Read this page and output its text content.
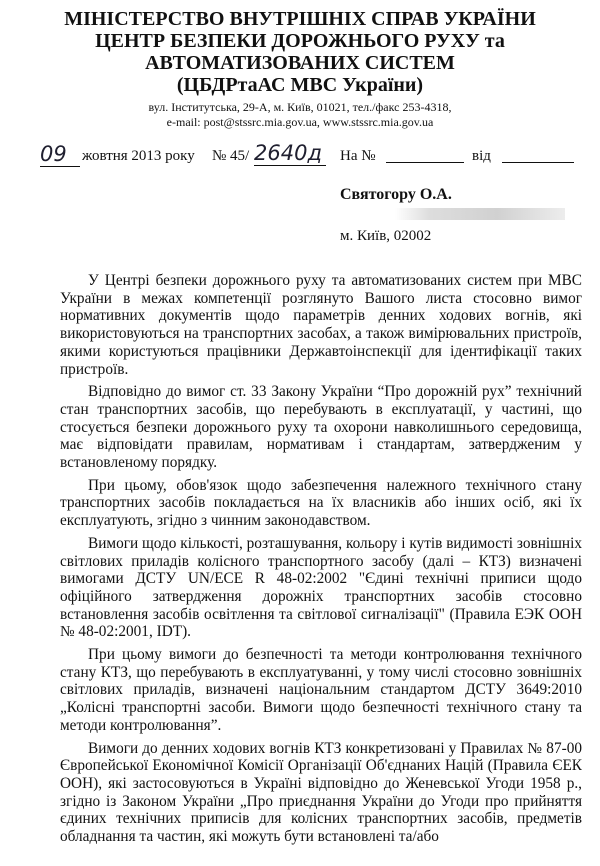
МІНІСТЕРСТВО ВНУТРІШНІХ СПРАВ УКРАЇНИ
ЦЕНТР БЕЗПЕКИ ДОРОЖНЬОГО РУХУ та
АВТОМАТИЗОВАНИХ СИСТЕМ
(ЦБДРтаАС МВС України)
вул. Інститутська, 29-А, м. Київ, 01021, тел./факс 253-4318,
e-mail: post@stssrc.mia.gov.ua, www.stssrc.mia.gov.ua
09	жовтня 2013 року № 45/ 2640д На №	від
Святогору О.А.
м. Київ, 02002

У Центрі безпеки дорожнього руху та автоматизованих систем при МВС України в межах компетенції розглянуто Вашого листа стосовно вимог нормативних документів щодо параметрів денних ходових вогнів, які використовуються на транспортних засобах, а також вимірювальних пристроїв, якими користуються працівники Державтоінспекції для ідентифікації таких пристроїв.

Відповідно до вимог ст. 33 Закону України “Про дорожній рух” технічний стан транспортних засобів, що перебувають в експлуатації, у частині, що стосується безпеки дорожнього руху та охорони навколишнього середовища, має відповідати правилам, нормативам і стандартам, затвердженим у встановленому порядку.

При цьому, обов'язок щодо забезпечення належного технічного стану транспортних засобів покладається на їх власників або інших осіб, які їх експлуатують, згідно з чинним законодавством.

Вимоги щодо кількості, розташування, кольору і кутів видимості зовнішніх світлових приладів колісного транспортного засобу (далі – КТЗ) визначені вимогами ДСТУ UN/ECE R 48-02:2002 "Єдині технічні приписи щодо офіційного затвердження дорожніх транспортних засобів стосовно встановлення засобів освітлення та світлової сигналізації" (Правила ЕЭК ООН № 48-02:2001, IDT).

При цьому вимоги до безпечності та методи контролювання технічного стану КТЗ, що перебувають в експлуатуванні, у тому числі стосовно зовнішніх світлових приладів, визначені національним стандартом ДСТУ 3649:2010 „Колісні транспортні засоби. Вимоги щодо безпечності технічного стану та методи контролювання”.

Вимоги до денних ходових вогнів КТЗ конкретизовані у Правилах № 87-00 Європейської Економічної Комісії Організації Об'єднаних Націй (Правила ЄЕК ООН), які застосовуються в Україні відповідно до Женевської Угоди 1958 р., згідно із Законом України „Про приєднання України до Угоди про прийняття єдиних технічних приписів для колісних транспортних засобів, предметів обладнання та частин, які можуть бути встановлені та/або
